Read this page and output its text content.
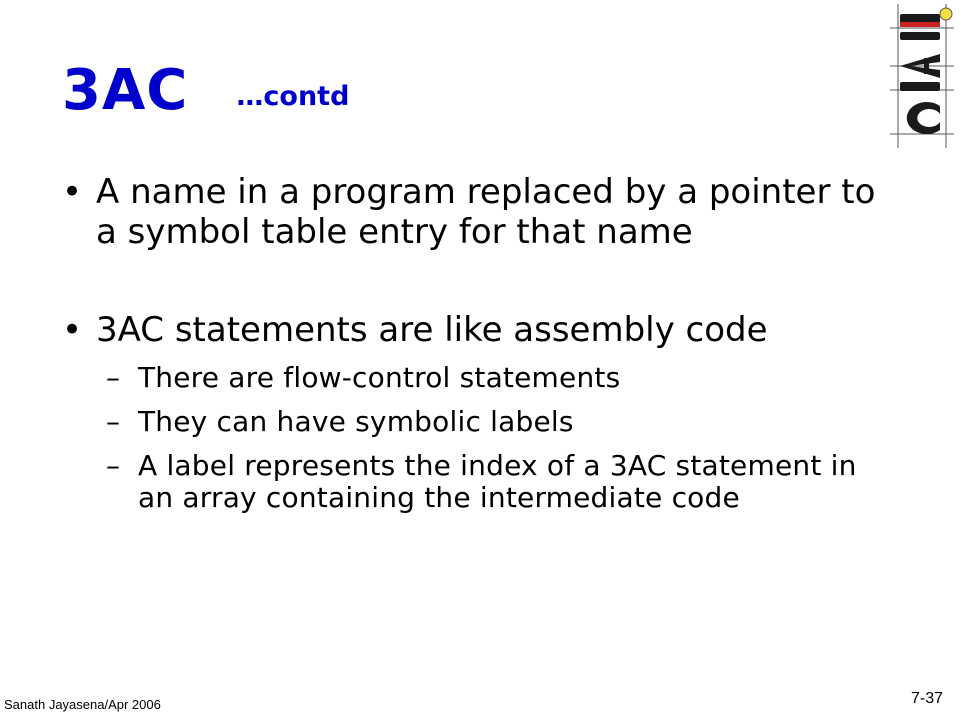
3AC …contd
• A name in a program replaced by a pointer to a symbol table entry for that name
• 3AC statements are like assembly code
– There are flow-control statements
– They can have symbolic labels
– A label represents the index of a 3AC statement in an array containing the intermediate code
Sanath Jayasena/Apr 2006	7-37
